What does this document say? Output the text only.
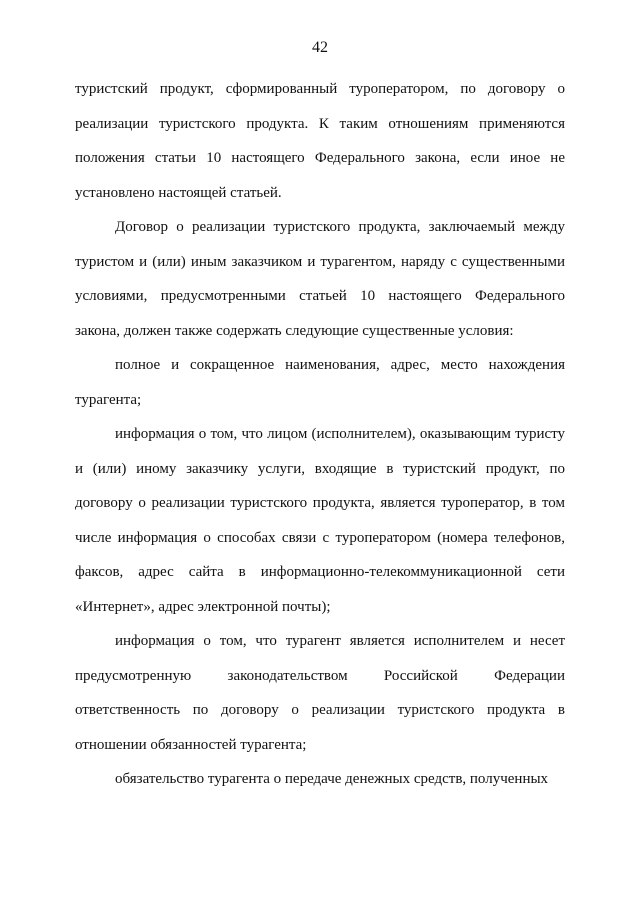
42

туристский продукт, сформированный туроператором, по договору о реализации туристского продукта. К таким отношениям применяются положения статьи 10 настоящего Федерального закона, если иное не установлено настоящей статьей.

Договор о реализации туристского продукта, заключаемый между туристом и (или) иным заказчиком и турагентом, наряду с существенными условиями, предусмотренными статьей 10 настоящего Федерального закона, должен также содержать следующие существенные условия:

полное и сокращенное наименования, адрес, место нахождения турагента;

информация о том, что лицом (исполнителем), оказывающим туристу и (или) иному заказчику услуги, входящие в туристский продукт, по договору о реализации туристского продукта, является туроператор, в том числе информация о способах связи с туроператором (номера телефонов, факсов, адрес сайта в информационно-телекоммуникационной сети «Интернет», адрес электронной почты);

информация о том, что турагент является исполнителем и несет предусмотренную законодательством Российской Федерации ответственность по договору о реализации туристского продукта в отношении обязанностей турагента;

обязательство турагента о передаче денежных средств, полученных
